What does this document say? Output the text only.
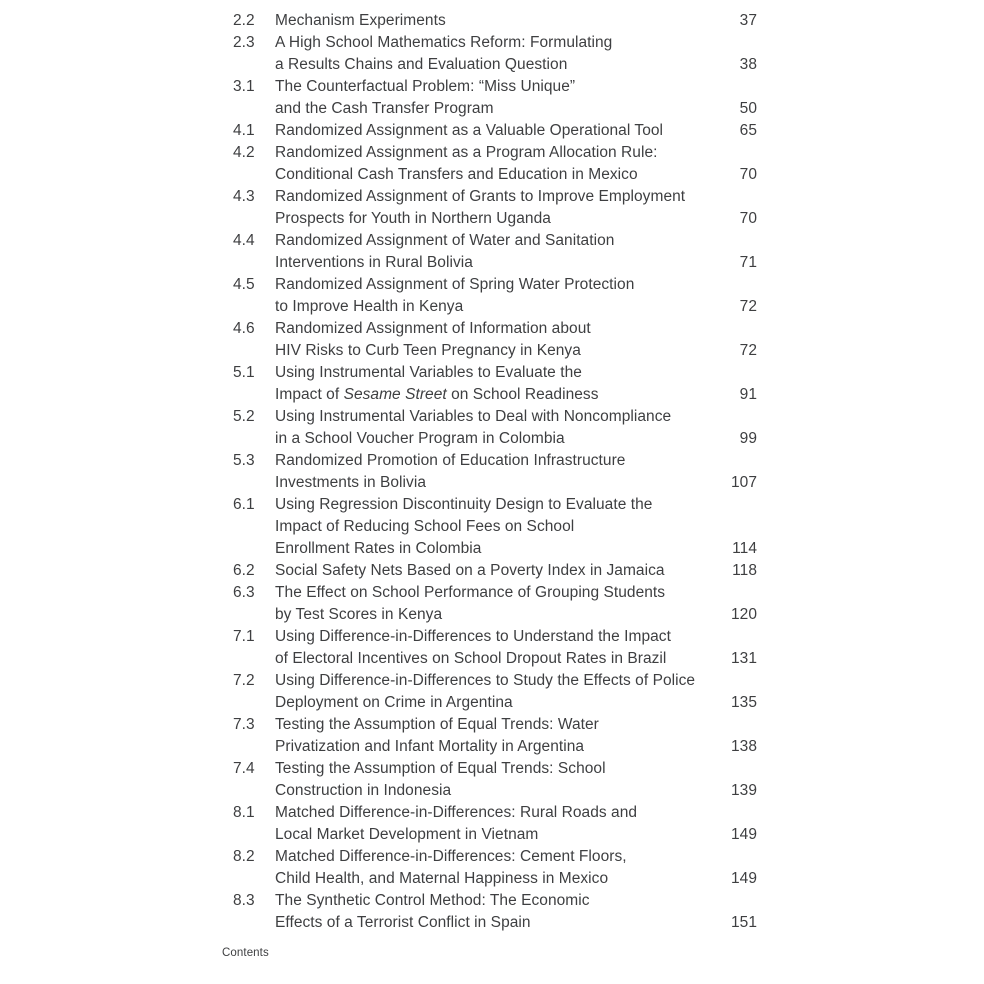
2.2	Mechanism Experiments	37
2.3	A High School Mathematics Reform: Formulating
a Results Chains and Evaluation Question	38
3.1	The Counterfactual Problem: “Miss Unique”
and the Cash Transfer Program	50
4.1	Randomized Assignment as a Valuable Operational Tool	65
4.2	Randomized Assignment as a Program Allocation Rule:
Conditional Cash Transfers and Education in Mexico	70
4.3	Randomized Assignment of Grants to Improve Employment
Prospects for Youth in Northern Uganda	70
4.4	Randomized Assignment of Water and Sanitation
Interventions in Rural Bolivia	71
4.5	Randomized Assignment of Spring Water Protection
to Improve Health in Kenya	72
4.6	Randomized Assignment of Information about
HIV Risks to Curb Teen Pregnancy in Kenya	72
5.1	Using Instrumental Variables to Evaluate the
Impact of Sesame Street on School Readiness	91
5.2	Using Instrumental Variables to Deal with Noncompliance
in a School Voucher Program in Colombia	99
5.3	Randomized Promotion of Education Infrastructure
Investments in Bolivia	107
6.1	Using Regression Discontinuity Design to Evaluate the
Impact of Reducing School Fees on School
Enrollment Rates in Colombia	114
6.2	Social Safety Nets Based on a Poverty Index in Jamaica	118
6.3	The Effect on School Performance of Grouping Students
by Test Scores in Kenya	120
7.1	Using Difference-in-Differences to Understand the Impact
of Electoral Incentives on School Dropout Rates in Brazil	131
7.2	Using Difference-in-Differences to Study the Effects of Police
Deployment on Crime in Argentina	135
7.3	Testing the Assumption of Equal Trends: Water
Privatization and Infant Mortality in Argentina	138
7.4	Testing the Assumption of Equal Trends: School
Construction in Indonesia	139
8.1	Matched Difference-in-Differences: Rural Roads and
Local Market Development in Vietnam	149
8.2	Matched Difference-in-Differences: Cement Floors,
Child Health, and Maternal Happiness in Mexico	149
8.3	The Synthetic Control Method: The Economic
Effects of a Terrorist Conflict in Spain	151
Contents
